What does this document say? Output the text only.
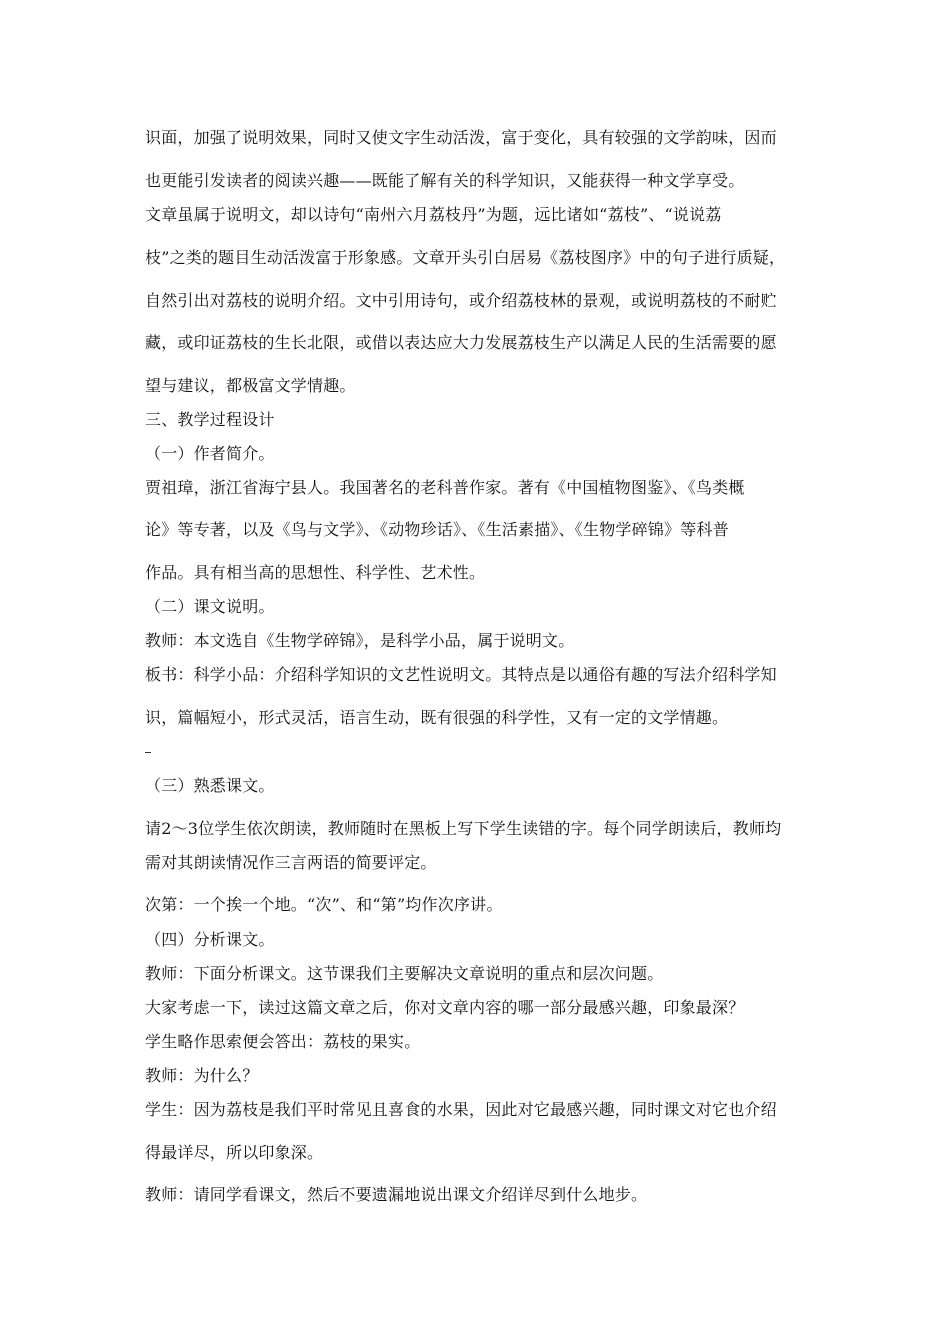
识面，加强了说明效果，同时又使文字生动活泼，富于变化，具有较强的文学韵味，因而
也更能引发读者的阅读兴趣——既能了解有关的科学知识，又能获得一种文学享受。
文章虽属于说明文，却以诗句“南州六月荔枝丹”为题，远比诸如“荔枝”、“说说荔
枝”之类的题目生动活泼富于形象感。文章开头引白居易《荔枝图序》中的句子进行质疑，
自然引出对荔枝的说明介绍。文中引用诗句，或介绍荔枝林的景观，或说明荔枝的不耐贮
藏，或印证荔枝的生长北限，或借以表达应大力发展荔枝生产以满足人民的生活需要的愿
望与建议，都极富文学情趣。
三、教学过程设计
（一）作者简介。
贾祖璋，浙江省海宁县人。我国著名的老科普作家。著有《中国植物图鉴》、《鸟类概
论》等专著，以及《鸟与文学》、《动物珍话》、《生活素描》、《生物学碎锦》等科普
作品。具有相当高的思想性、科学性、艺术性。
（二）课文说明。
教师：本文选自《生物学碎锦》，是科学小品，属于说明文。
板书：科学小品：介绍科学知识的文艺性说明文。其特点是以通俗有趣的写法介绍科学知
识，篇幅短小，形式灵活，语言生动，既有很强的科学性，又有一定的文学情趣。
（三）熟悉课文。
请2～3位学生依次朗读，教师随时在黑板上写下学生读错的字。每个同学朗读后，教师均
需对其朗读情况作三言两语的简要评定。
次第：一个挨一个地。“次”、和“第”均作次序讲。
（四）分析课文。
教师：下面分析课文。这节课我们主要解决文章说明的重点和层次问题。
大家考虑一下，读过这篇文章之后，你对文章内容的哪一部分最感兴趣，印象最深？
学生略作思索便会答出：荔枝的果实。
教师：为什么？
学生：因为荔枝是我们平时常见且喜食的水果，因此对它最感兴趣，同时课文对它也介绍
得最详尽，所以印象深。
教师：请同学看课文，然后不要遗漏地说出课文介绍详尽到什么地步。
